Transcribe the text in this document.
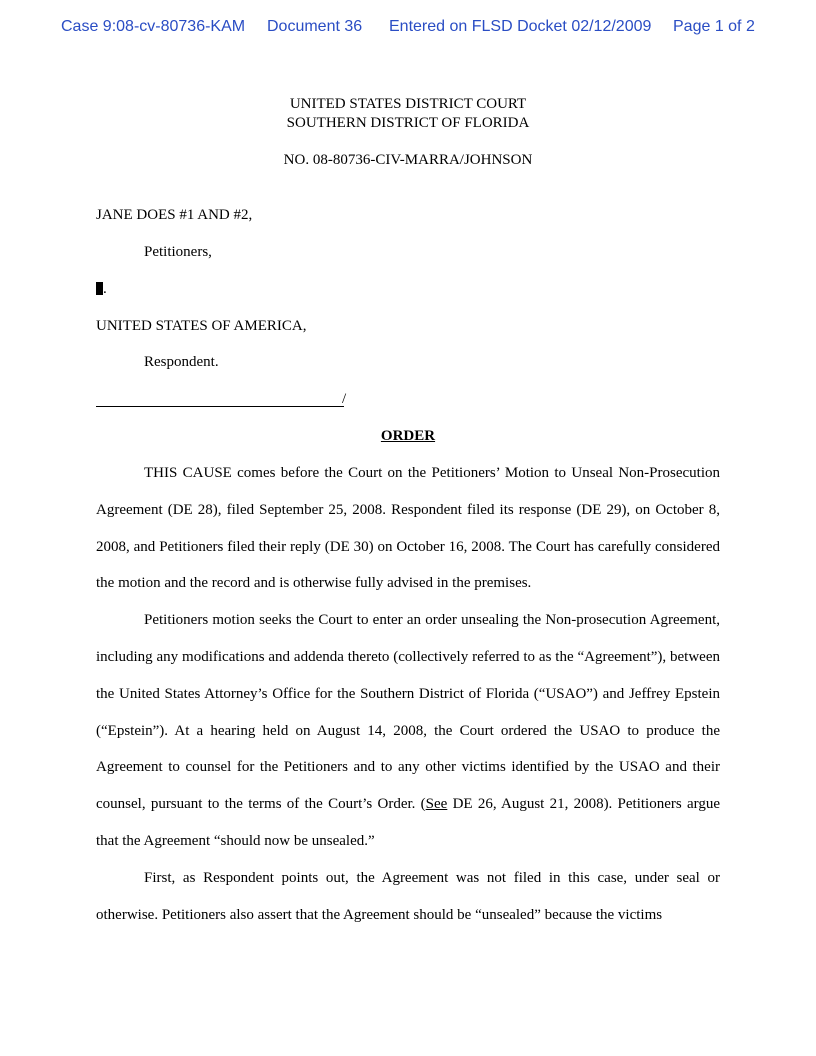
Case 9:08-cv-80736-KAM Document 36 Entered on FLSD Docket 02/12/2009 Page 1 of 2
UNITED STATES DISTRICT COURT
SOUTHERN DISTRICT OF FLORIDA
NO. 08-80736-CIV-MARRA/JOHNSON
JANE DOES #1 AND #2,
Petitioners,
.
UNITED STATES OF AMERICA,
Respondent.
/
ORDER

THIS CAUSE comes before the Court on the Petitioners’ Motion to Unseal Non-Prosecution Agreement (DE 28), filed September 25, 2008. Respondent filed its response (DE 29), on October 8, 2008, and Petitioners filed their reply (DE 30) on October 16, 2008. The Court has carefully considered the motion and the record and is otherwise fully advised in the premises.

Petitioners motion seeks the Court to enter an order unsealing the Non-prosecution Agreement, including any modifications and addenda thereto (collectively referred to as the “Agreement”), between the United States Attorney’s Office for the Southern District of Florida (“USAO”) and Jeffrey Epstein (“Epstein”). At a hearing held on August 14, 2008, the Court ordered the USAO to produce the Agreement to counsel for the Petitioners and to any other victims identified by the USAO and their counsel, pursuant to the terms of the Court’s Order. (See DE 26, August 21, 2008). Petitioners argue that the Agreement “should now be unsealed.”

First, as Respondent points out, the Agreement was not filed in this case, under seal or otherwise. Petitioners also assert that the Agreement should be “unsealed” because the victims
